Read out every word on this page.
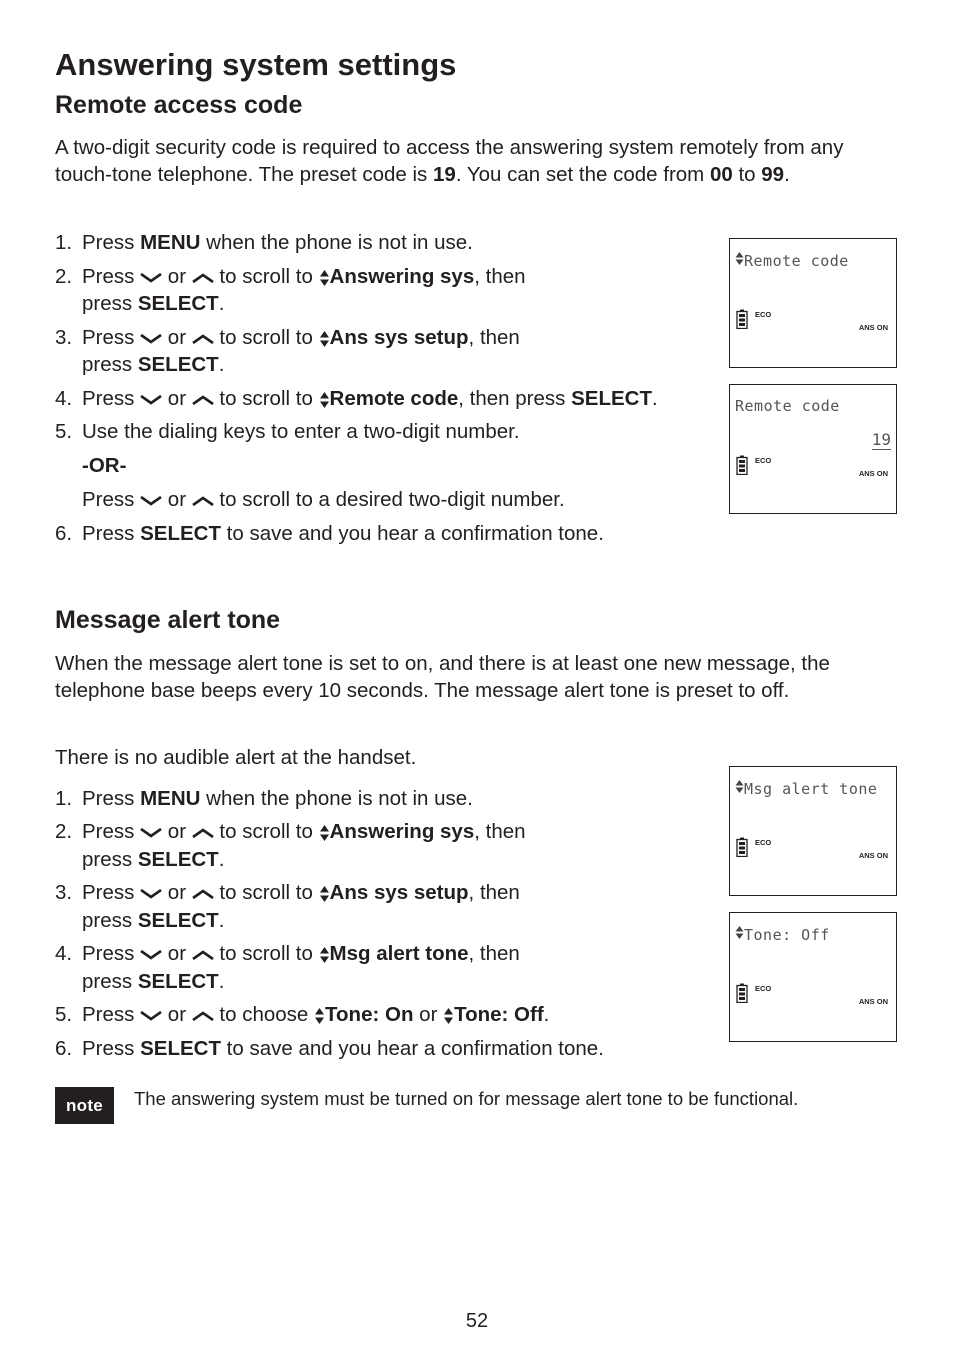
Answering system settings
Remote access code

A two-digit security code is required to access the answering system remotely from any touch-tone telephone. The preset code is 19. You can set the code from 00 to 99.

1. Press MENU when the phone is not in use.
2. Press
or
to scroll to
Answering sys, then
press SELECT.
3. Press
or
to scroll to
Ans sys setup, then
press SELECT.
4. Press
or
to scroll to
Remote code, then press SELECT.
5. Use the dialing keys to enter a two-digit number.
-OR-
Press
or
to scroll to a desired two-digit number.
6. Press SELECT to save and you hear a confirmation tone.
Remote code
ECO
ANS ON
Remote code
19
ECO
ANS ON
Message alert tone

When the message alert tone is set to on, and there is at least one new message, the telephone base beeps every 10 seconds. The message alert tone is preset to off.

There is no audible alert at the handset.

1. Press MENU when the phone is not in use.
2. Press
or
to scroll to
Answering sys, then
press SELECT.
3. Press
or
to scroll to
Ans sys setup, then
press SELECT.
4. Press
or
to scroll to
Msg alert tone, then
press SELECT.
5. Press
or
to choose
Tone: On or
Tone: Off.
6. Press SELECT to save and you hear a confirmation tone.
Msg alert tone
ECO
ANS ON
Tone: Off
ECO
ANS ON
note	The answering system must be turned on for message alert tone to be functional.
52
